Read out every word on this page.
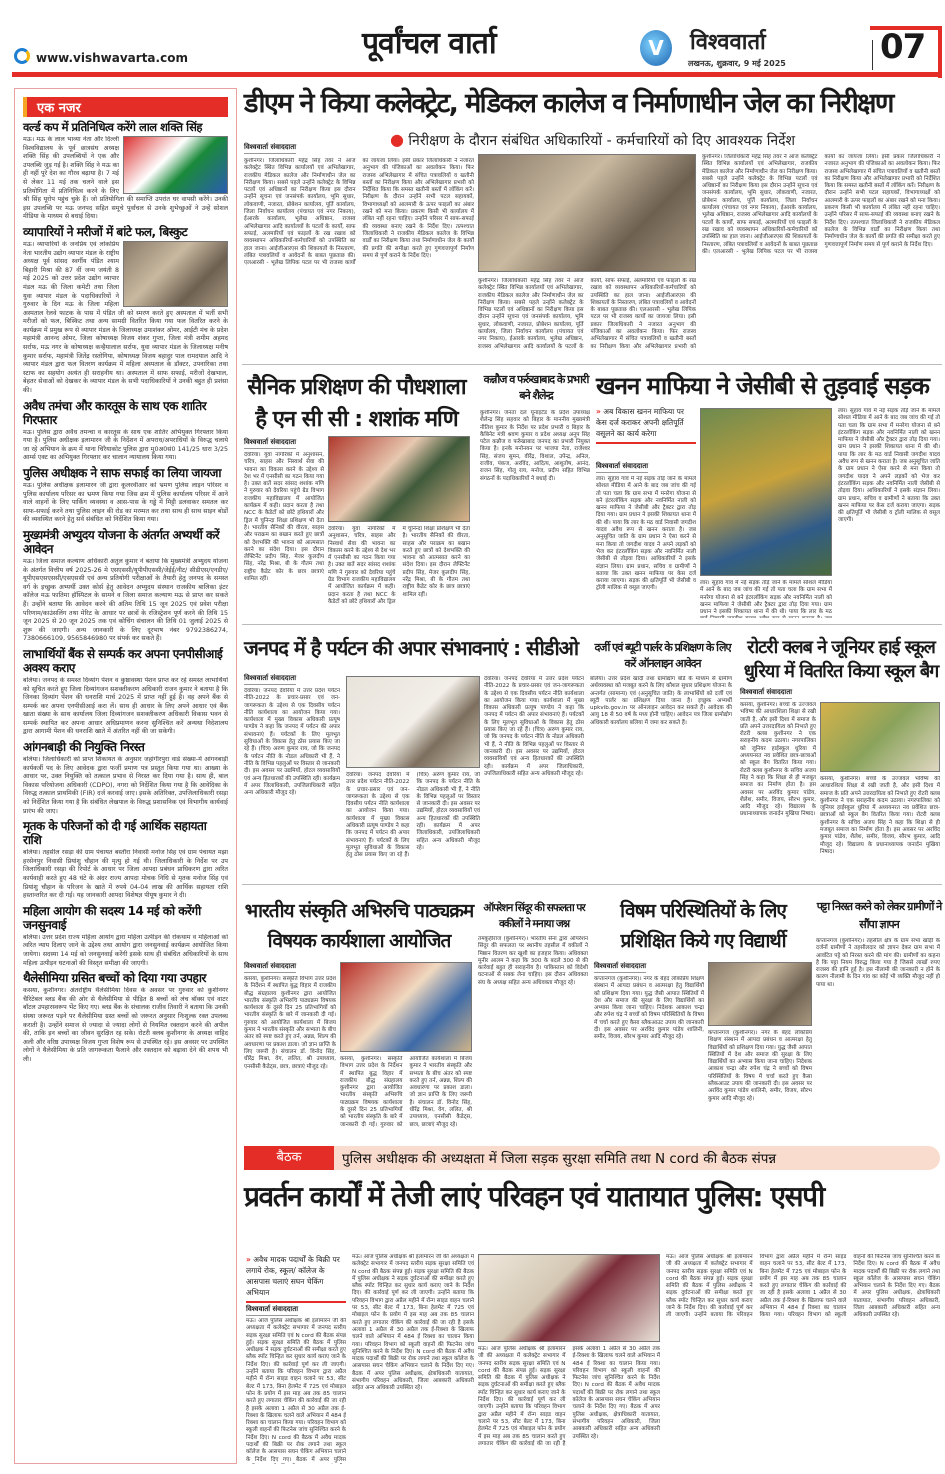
www.vishwavarta.com	पूर्वांचल वार्ता	V	विश्ववार्ता
लखनऊ, शुक्रवार, 9 मई 2025	07
एक नजर
वर्ल्ड कप में प्रतिनिधित्व करेंगे लाल शक्ति सिंह
मऊ। मऊ के लाल भाव्या नेता और दिल्ली विश्वविद्यालय के पूर्व छात्रसंघ अध्यक्ष शक्ति सिंह की उपलब्धियों ने एक और उपलब्धि जुड़ गई है। शक्ति सिंह ने मऊ का ही नहीं पूरे देश का गौरव बढ़ाया है। 7 मई से लेकर 11 मई तक चलने वाले इस प्रतियोगिता में प्रतिनिधित्व करने के लिए श्री सिंह यूरोप पहुंच चुके हैं। जो प्रतियोगिता की समाप्ति उपरांत घर वापसी करेंगे। उनकी इस उपलब्धि पर मऊ जनपद सहित समूचे पूर्वांचल से उनके शुभेच्छुओं ने उन्हें सोशल मीडिया के माध्यम से बधाई दिया।
व्यापारियों ने मरीजों में बांटे फल, बिस्कुट
मऊ। व्यापारियों के जनप्रिय एवं लोकप्रिय नेता भारतीय उद्योग व्यापार मंडल के राष्ट्रीय अध्यक्ष पूर्व सांसद स्वर्गीय पंडित श्याम बिहारी मिश्रा की 87 वीं जन्म जयंती 8 मई 2025 को उत्तर प्रदेश उद्योग व्यापार मंडल मऊ की जिला कमेटी तथा जिला युवा व्यापार मंडल के पदाधिकारियों ने गुरुवार के दिन मऊ के जिला महिला अस्पताल रेलवे फाटक के पास में पंडित जी को स्मरण करते हुए अस्पताल में भर्ती सभी मरीजों को फल, बिस्किट तथा अन्य सामग्री वितरित किया गया फल वितरित करने के कार्यक्रम में प्रमुख रूप से व्यापार मंडल के जिलाध्यक्ष उमाशंकर ओमर, आईटी मंच के प्रदेश महामंत्री आनन्द ओमर, जिला कोषाध्यक्ष विजय शंकर गुप्ता, जिला मंत्री शमीम अहमद सर्राफ, मऊ नगर के कोषाध्यक्ष कन्हैयालाल सर्राफ, युवा व्यापार मंडल के जिलाध्यक्ष मनीष कुमार सर्राफ, महामंत्री जितेंद्र रस्तोगिया, कोषाध्यक्ष विजय बहादुर पाल रामदयाल आदि ने व्यापार मंडल द्वारा फल वितरण कार्यक्रम में महिला अस्पताल के डॉक्टर, उपनारिका तथा स्टाफ का सहयोग अत्यंत ही सराहनीय था। अस्पताल में साफ सफाई, मरीजों देखभाल, बेहतर सेवाओं को देखकर के व्यापार मंडल के सभी पदाधिकारियों ने उनकी बहुत ही प्रशंसा की।
अवैध तमंचा और कारतूस के साथ एक शातिर गिरफ्तार
मऊ। पुलिस द्वारा अवैध तमन्चा व कारतूस के साथ एक शातिर अभियुक्त गिरफ्तार किया गया है। पुलिस अधीक्षक इलामारन जी के निर्देशन में अपराध/अपराधियों के विरुद्ध चलाये जा रहे अभियान के क्रम में थाना चिरैयाकोट पुलिस द्वारा मु0अ0सं0 141/25 धारा 3/25 आर्म्स एक्ट का अभियुक्त गिरफ्तार कर चालान न्यायालय किया गया।
पुलिस अधीक्षक ने साफ सफाई का लिया जायजा
मऊ। पुलिस अधीक्षक इलामारन जी द्वारा कूलरवीआर को भ्रमण पुलिस लाइन परिसर व पुलिस कार्यालय परिसर का भ्रमण किया गया जिस क्रम में पुलिस कार्यालय परिसर में आने वाले वाहनों के लिए पार्किंग व्यवस्था व आस-पास के गड्ढे में मिट्टी डलवाकर समतल कर साफ-सफाई करने तथा पुलिस लाइन की रोड का मरम्मत कर तथा साथ ही साथ साइन बोर्डों की व्यवस्थित करने हेतु सर्व संबंधित को निर्देशित किया गया।
मुख्यमंत्री अभ्युदय योजना के अंतर्गत अभ्यर्थी करें आवेदन
मऊ। जिला समाज कल्याण अधिकारी अतुल कुमार ने बताया कि मुख्यमंत्री अभ्युदय योजना के अंतर्गत वित्तीय वर्ष 2025-26 मे एसएससी/यूपीपीएससी/जेईई/नीट/ सीडीएस/एनडीए/यूपीएसएसएससी/एसएससी एवं अन्य प्रतियोगी परीक्षाओं के तैयारी हेतु जनपद के समस्त वर्ग के इच्छुक अभ्यर्थी उक्त कोर्स हेतु आवेदन अभ्युदय संस्थान राजकीय बालिका इंटर कॉलेज मऊ फातिमा हॉस्पिटल के सामने व जिला समाज कल्याण मऊ से प्राप्त कर सकते हैं। उन्होंने बताया कि आवेदन करने की अंतिम तिथि 15 जून 2025 एवं प्रवेश परीक्षा परिणाम/काउंसलिंग तथा मेरिट के आधार पर छात्रों के रजिस्ट्रेशन पूर्ण करने की तिथि 15 जून 2025 से 20 जून 2025 तक एवं कोचिंग संचालन की तिथि 01 जुलाई 2025 से शुरू की जाएगी। अन्य जानकारी के लिए दूरभाष नंबर 9792386274, 7380666109, 9565846980 पर संपर्क कर सकते हैं।
लाभार्थियों बैंक से सम्पर्क कर अपना एनपीसीआई अवश्य कराए
बलिया। जनपद के समस्त दिव्यांग पेंशन व कुष्ठावस्था पेंशन प्राप्त कर रहे समस्त लाभार्थियों को सूचित करते हुए जिला दिव्यांगजन सशक्तीकरण अधिकारी राजन कुमार ने बताया है कि जिनका दिव्यांग पेंशन की धनराशि मार्च 2025 में प्राप्त नहीं हुई है। वह अपने बैंक से सम्पर्क कर अपना एनपीसीआई करा लें। साथ ही आधार के लिए अपने आधार एवं बैंक खाता संख्या के साथ कार्यालय जिला दिव्यांगजन सशक्तीकरण अधिकारी विकास भवन से सम्पर्क स्थापित कर अपना आधार अधिप्रमाणन करना सुनिश्चित करें अन्यथा निदेशालय द्वारा आगामी पेंशन की धनराशि खाते में अंतरित नहीं की जा सकेगी।
आंगनबाड़ी की नियुक्ति निरस्त
बलिया। जिलाधिकारी को प्राप्त शिकायत के अनुसार जहांगीरपुरा वार्ड संख्या-में आंगनबाड़ी कार्यकर्त्री पद के लिए आवेदक द्वारा फर्जी प्रमाण पत्र प्रस्तुत किया गया था। आख्या के आधार पर, उक्त नियुक्ति को तत्काल प्रभाव से निरस्त कर दिया गया है। साथ ही, बाल विकास परियोजना अधिकारी (CDPO), नगरा को निर्देशित किया गया है कि आवेदिका के विरुद्ध तत्काल प्राथमिकी (FIR) दर्ज करवाई जाए। इसके अतिरिक्त, उपजिलाधिकारी रसड़ा को निर्देशित किया गया है कि संबंधित लेखपाल के विरुद्ध प्रशासनिक एवं विभागीय कार्यवाई प्रारंभ की जाए।
मृतक के परिजनों को दी गई आर्थिक सहायता राशि
बलिया। तहसील रसड़ा की ग्राम पंचायत बस्तौरा निवासी मनोज सिंह एवं ग्राम पंचायत मझा हरसेनपुर निवासी प्रियांशु चौहान की मृत्यु हो गई थी। जिलाधिकारी के निर्देश पर उप जिलाधिकारी रसड़ा की रिपोर्ट के आधार पर जिला आपदा प्रबंधन प्राधिकरण द्वारा त्वरित कार्यवाही करते हुए 48 घंटे के अंदर राज्य आपदा मोचक निधि से मृतक मनोज सिंह एवं प्रियांशु चौहान के परिजन के खाते में रुपये 04-04 लाख की आर्थिक सहायता राशि हस्तान्तरित कर दी गई। यह जानकारी आपदा विशेषज्ञ पीयूष कुमार ने दी।
महिला आयोग की सदस्य 14 मई को करेंगी जनसुनवाई
बलिया। उत्तर प्रदेश राज्य महिला आयोग द्वारा महिला उत्पीड़न की रोकथाम व महिलाओं को त्वरित न्याय दिलाए जाने के उद्देश्य तथा आयोग द्वारा जनसुनवाई कार्यक्रम आयोजित किया जायेगा। सदस्या 14 मई को जनसुनवाई करेंगी इसके साथ ही संबंधित अधिकारियों के साथ महिला उत्पीड़न घटनाओं की विस्तृत समीक्षा की जाएगी।
थैलेसीमिया ग्रसित बच्चों को दिया गया उपहार
कसया, कुशीनगर। अंतर्राष्ट्रीय थैलेसीमिया दिवस के अवसर पर गुरुवार को कुशीनगर चैरिटेबल ब्लड बैंक की ओर से थैलेसीमिया से पीड़ित 8 बच्चों को लंच बॉक्स एवं वाटर बॉटल उपहारस्वरूप भेंट किए गए। ब्लड बैंक के संचालक राजीव तिवारी ने बताया कि उनकी संस्था जरूरत पड़ने पर थैलेसीमिया ग्रस्त बच्चों को जरूरत अनुसार निःशुल्क रक्त उपलब्ध कराती है। उन्होंने समाज से ज्यादा से ज्यादा लोगों से नियमित रक्तदान करने की अपील की, ताकि इन बच्चों का जीवन सुरक्षित रह सके। रोटरी क्लब कुशीनगर के अध्यक्ष वाहिद अली और वरिष्ठ उपाध्यक्ष विजय गुप्ता विशेष रूप से उपस्थित रहे। इस अवसर पर उपस्थित लोगों ने थैलेसीमिया के प्रति जागरूकता फैलाने और रक्तदान को बढ़ावा देने की शपथ भी ली।
डीएम ने किया कलेक्ट्रेट, मेडिकल कालेज व निर्माणाधीन जेल का निरीक्षण
● निरीक्षण के दौरान संबंधित अधिकारियों - कर्मचारियों को दिए आवश्यक निर्देश
विश्ववार्ता संवाददाता
कुशीनगर। जिलाधिकारी महेंद्र सिंह तंवर ने आज कलेक्ट्रेट स्थित विभिन्न कार्यालयों एवं अभिलेखागार, राजकीय मेडिकल कालेज और निर्माणाधीन जेल का निरीक्षण किया। सबसे पहले उन्होंने कलेक्ट्रेट के विभिन्न पटलों एवं अधिष्ठानों का निरीक्षण किया इस दौरान उन्होंने सूचना एवं जनसंपर्क कार्यालय, भूमि सुधार, लोकवाणी, नजारत, प्रोबेशन कार्यालय, पूर्ति कार्यालय, जिला निर्वाचन कार्यालय (पंचायत एवं नगर निकाय), ईआरके कार्यालय, भूलेख अधिष्ठान, राजस्व अभिलेखागार आदि कार्यालयों के पटलों के कार्यों, साफ सफाई, अलमारियों एवं फाइलों के रख रखाव को व्यवस्थापन अधिकारियों-कर्मचारियों को उपस्थिति का हाल जाना। आईजीआरएस की शिकायतों के निस्तारण, लंबित पत्रावलियों व आवेदनों के बाबत पूछताछ की। एलआरसी - भूलेख लिपिक पटल पर भी राजस्व कार्यों का जायजा लिया। इसी प्रकार जिलाधिकारी ने नजारत अनुभाग की पंजिकाओं का अवलोकन किया। फिर राजस्व अभिलेखागार में संचित पत्रावलियों व खतौनी बस्तों का निरीक्षण किया और अभिलेखागार प्रभारी को निर्देशित किया कि समस्त खतौनी बस्तों में लॉकिंग करें। निरीक्षण के दौरान उन्होंने सभी पटल सहायकों, विभागाध्यक्षों को आलमारी के ऊपर फाइलों का अंबार रखने को मना किया। प्रकरण किसी भी कार्यालय में लंबित नहीं रहना चाहिए। उन्होंने परिसर में साफ-सफाई की व्यवस्था बनाए रखने के निर्देश दिए। तत्पश्चात जिलाधिकारी ने राजकीय मेडिकल कालेज के विभिन्न वार्डों का निरीक्षण किया तथा निर्माणाधीन जेल के कार्यों की प्रगति की समीक्षा करते हुए गुणवत्तापूर्ण निर्माण समय से पूर्ण कराने के निर्देश दिए।
कुशीनगर। जिलाधिकारी महेंद्र सिंह तंवर ने आज कलेक्ट्रेट स्थित विभिन्न कार्यालयों एवं अभिलेखागार, राजकीय मेडिकल कालेज और निर्माणाधीन जेल का निरीक्षण किया। सबसे पहले उन्होंने कलेक्ट्रेट के विभिन्न पटलों एवं अधिष्ठानों का निरीक्षण किया इस दौरान उन्होंने सूचना एवं जनसंपर्क कार्यालय, भूमि सुधार, लोकवाणी, नजारत, प्रोबेशन कार्यालय, पूर्ति कार्यालय, जिला निर्वाचन कार्यालय (पंचायत एवं नगर निकाय), ईआरके कार्यालय, भूलेख अधिष्ठान, राजस्व अभिलेखागार आदि कार्यालयों के पटलों के कार्यों, साफ सफाई, अलमारियों एवं फाइलों के रख रखाव को व्यवस्थापन अधिकारियों-कर्मचारियों को उपस्थिति का हाल जाना। आईजीआरएस की शिकायतों के निस्तारण, लंबित पत्रावलियों व आवेदनों के बाबत पूछताछ की। एलआरसी - भूलेख लिपिक पटल पर भी राजस्व कार्यों का जायजा लिया। इसी प्रकार जिलाधिकारी ने नजारत अनुभाग की पंजिकाओं का अवलोकन किया। फिर राजस्व अभिलेखागार में संचित पत्रावलियों व खतौनी बस्तों का निरीक्षण किया और अभिलेखागार प्रभारी को
कुशीनगर। जिलाधिकारी महेंद्र सिंह तंवर ने आज कलेक्ट्रेट स्थित विभिन्न कार्यालयों एवं अभिलेखागार, राजकीय मेडिकल कालेज और निर्माणाधीन जेल का निरीक्षण किया। सबसे पहले उन्होंने कलेक्ट्रेट के विभिन्न पटलों एवं अधिष्ठानों का निरीक्षण किया इस दौरान उन्होंने सूचना एवं जनसंपर्क कार्यालय, भूमि सुधार, लोकवाणी, नजारत, प्रोबेशन कार्यालय, पूर्ति कार्यालय, जिला निर्वाचन कार्यालय (पंचायत एवं नगर निकाय), ईआरके कार्यालय, भूलेख अधिष्ठान, राजस्व अभिलेखागार आदि कार्यालयों के पटलों के कार्यों, साफ सफाई, अलमारियों एवं फाइलों के रख रखाव को व्यवस्थापन अधिकारियों-कर्मचारियों को उपस्थिति का हाल जाना। आईजीआरएस की शिकायतों के निस्तारण, लंबित पत्रावलियों व आवेदनों के बाबत पूछताछ की। एलआरसी - भूलेख लिपिक पटल पर भी राजस्व कार्यों का जायजा लिया। इसी प्रकार जिलाधिकारी ने नजारत अनुभाग की पंजिकाओं का अवलोकन किया। फिर राजस्व अभिलेखागार में संचित पत्रावलियों व खतौनी बस्तों का निरीक्षण किया और अभिलेखागार प्रभारी को निर्देशित किया कि समस्त खतौनी बस्तों में लॉकिंग करें। निरीक्षण के दौरान उन्होंने सभी पटल सहायकों, विभागाध्यक्षों को आलमारी के ऊपर फाइलों का अंबार रखने को मना किया। प्रकरण किसी भी कार्यालय में लंबित नहीं रहना चाहिए। उन्होंने परिसर में साफ-सफाई की व्यवस्था बनाए रखने के निर्देश दिए। तत्पश्चात जिलाधिकारी ने राजकीय मेडिकल कालेज के विभिन्न वार्डों का निरीक्षण किया तथा निर्माणाधीन जेल के कार्यों की प्रगति की समीक्षा करते हुए गुणवत्तापूर्ण निर्माण समय से पूर्ण कराने के निर्देश दिए।
सैनिक प्रशिक्षण की पौधशाला है एन सी सी : शशांक मणि
विश्ववार्ता संवाददाता
देवरिया। युवा नागरिकों में अनुशासन, चरित्र, साहस और निस्वार्थ सेवा की भावना का विकास करने के उद्देश्य से देश भर में एनसीसी का गठन किया गया है। उक्त बातें सदर सांसद शशांक मणि ने गुरुवार को देवरिया पहुंचे ग्रेड विभाग राजकीय महाविद्यालय में आयोजित कार्यक्रम में कही। प्रदान करता है तथा NCC के कैडेटों को छोटे हथियारों और ड्रिल में चुनिन्दा शिक्षा प्रशिक्षण भी देता है। भारतीय सैनिकों की वीरता, साहस और पराक्रम का बखान करते हुए छात्रों को देशभक्ति की भावना को आत्मसात करने का संदेश दिया। इस दौरान लेफ्टिनेंट प्रदीप सिंह, मेजर कुलदीप सिंह, नरेंद्र मिश्रा, बी के गौतम तथा राष्ट्रीय कैडेट कोर के छात्र छात्राएं शामिल रहीं।
देवरिया। युवा नागरिकों में अनुशासन, चरित्र, साहस और निस्वार्थ सेवा की भावना का विकास करने के उद्देश्य से देश भर में एनसीसी का गठन किया गया है। उक्त बातें सदर सांसद शशांक मणि ने गुरुवार को देवरिया पहुंचे ग्रेड विभाग राजकीय महाविद्यालय में आयोजित कार्यक्रम में कही। प्रदान करता है तथा NCC के कैडेटों को छोटे हथियारों और ड्रिल में चुनिन्दा शिक्षा प्रशिक्षण भी देता है। भारतीय सैनिकों की वीरता, साहस और पराक्रम का बखान करते हुए छात्रों को देशभक्ति की भावना को आत्मसात करने का संदेश दिया। इस दौरान लेफ्टिनेंट प्रदीप सिंह, मेजर कुलदीप सिंह, नरेंद्र मिश्रा, बी के गौतम तथा राष्ट्रीय कैडेट कोर के छात्र छात्राएं शामिल रहीं।
कन्नौज व फर्रुखाबाद के प्रभारी बने शैलेन्द्र
कुशीनगर। जनता दल यूनाइटेड के प्रदेश उपाध्यक्ष शैलेन्द्र सिंह सहवार को बिहार के माननीय मुख्यमंत्री नीतिश कुमार के निर्देश पर प्रदेश प्रभारी व बिहार के कैबिनेट मंत्री श्रवण कुमार व प्रदेश अध्यक्ष अनूप सिंह पटेल कन्नौज व फर्रुखाबाद जनपद का प्रभारी नियुक्त किया है। इनके मनोनयन पर भाजपा नेता, राजेश्वर सिंह, संजय सुमन, वीरेंद्र, विशाल, उपेन्द्र, अनिल, राजीव, पंकज, अरविंद, आदित्य, आशुतोष, आनंद, राजन सिंह, गोलू राय, मनोज, प्रदीप सहित विभिन्न संगठनों के पदाधिकारियों ने बधाई दी।
खनन माफिया ने जेसीबी से तुड़वाई सड़क
» अब विकास खनन माफिया पर केस दर्ज कराकर अपनी क्षतिपूर्ति वसूलने का कार्य करेगा
विश्ववार्ता संवाददाता
लार। सुहाव गांव में नई सड़क तोड़े जाने के मामले सोशल मीडिया में आने के बाद जब जांच की गई तो पता चला कि ग्राम सभा में मनरेगा योजना से बने इंटरलॉकिंग सड़क और नवनिर्मित नाली को खनन माफिया ने जेसीबी और ट्रैक्टर द्वारा तोड़ दिया गया। ग्राम प्रधान ने इसकी शिकायत थाना में की थी। पाया कि लार के मठ वार्ड निवासी जगदीश यादव अवैध रूप से खनन कराता है। जब अनुसूचित जाति के ग्राम प्रधान ने ऐसा करने से मना किया तो जगदीश यादव ने अपने लड़कों को भेज कर इंटरलॉकिंग सड़क और नवनिर्मित नाली जेसीबी से तोड़वा दिया। आधिकारियों ने इसके संज्ञान लिया। ग्राम प्रधान, सचिव व ग्रामीणों ने बताया कि उक्त खनन माफिया पर केस दर्ज कराया जाएगा। सड़क की क्षतिपूर्ति भी जेसीबी व ट्रॉली मालिक से वसूल जाएगी।
लार। सुहाव गांव में नई सड़क तोड़े जाने के मामले सोशल मीडिया में आने के बाद जब जांच की गई तो पता चला कि ग्राम सभा में मनरेगा योजना से बने इंटरलॉकिंग सड़क और नवनिर्मित नाली को खनन माफिया ने जेसीबी और ट्रैक्टर द्वारा तोड़ दिया गया। ग्राम प्रधान ने इसकी शिकायत थाना में की थी। पाया कि लार के मठ
लार। सुहाव गांव में नई सड़क तोड़े जाने के मामले सोशल मीडिया में आने के बाद जब जांच की गई तो पता चला कि ग्राम सभा में मनरेगा योजना से बने इंटरलॉकिंग सड़क और नवनिर्मित नाली को खनन माफिया ने जेसीबी और ट्रैक्टर द्वारा तोड़ दिया गया। ग्राम प्रधान ने इसकी शिकायत थाना में की थी। पाया कि लार के मठ वार्ड निवासी जगदीश यादव अवैध रूप से खनन कराता है। जब अनुसूचित जाति के ग्राम प्रधान ने ऐसा करने से मना किया तो जगदीश यादव ने अपने लड़कों को भेज कर इंटरलॉकिंग सड़क और नवनिर्मित नाली जेसीबी से तोड़वा दिया। आधिकारियों ने इसके संज्ञान लिया। ग्राम प्रधान, सचिव व ग्रामीणों ने बताया कि उक्त खनन माफिया पर केस दर्ज कराया जाएगा। सड़क की क्षतिपूर्ति भी जेसीबी व ट्रॉली मालिक से वसूल जाएगी।
जनपद में है पर्यटन की अपार संभावनाएं : सीडीओ
विश्ववार्ता संवाददाता
देवरिया। जनपद देवरिया में उत्तर प्रदेश पर्यटन नीति-2022 के प्रचार-प्रसार एवं जन-जागरूकता के उद्देश्य से एक दिवसीय पर्यटन नीति कार्यशाला का आयोजन किया गया। कार्यशाला में मुख्य विकास अधिकारी प्रत्यूष पाण्डेय ने कहा कि जनपद में पर्यटन की अपार संभावनाएं हैं। पर्यटकों के लिए मूलभूत सुविधाओं के विकास हेतु ठोस प्रयास किए जा रहे हैं। (चित्र) अरुण कुमार राय, जो कि जनपद के पर्यटन नीति के नोडल अधिकारी भी हैं, ने नीति के विभिन्न पहलुओं पर विस्तार से जानकारी दी। इस अवसर पर उद्यमियों, होटल व्यवसायियों एवं अन्य हितधारकों की उपस्थिति रही। कार्यक्रम में अपर जिलाधिकारी, उपजिलाधिकारी सहित अन्य अधिकारी मौजूद रहे।
देवरिया। जनपद देवरिया में उत्तर प्रदेश पर्यटन नीति-2022 के प्रचार-प्रसार एवं जन-जागरूकता के उद्देश्य से एक दिवसीय पर्यटन नीति कार्यशाला का आयोजन किया गया। कार्यशाला में मुख्य विकास अधिकारी प्रत्यूष पाण्डेय ने कहा कि जनपद में पर्यटन की अपार संभावनाएं हैं। पर्यटकों के लिए मूलभूत सुविधाओं के विकास हेतु ठोस प्रयास किए जा रहे हैं। (चित्र) अरुण कुमार राय, जो कि जनपद के पर्यटन नीति के नोडल अधिकारी भी हैं, ने नीति के विभिन्न पहलुओं पर विस्तार से जानकारी दी। इस अवसर पर उद्यमियों, होटल व्यवसायियों एवं अन्य हितधारकों की उपस्थिति रही। कार्यक्रम में अपर जिलाधिकारी, उपजिलाधिकारी सहित अन्य अधिकारी मौजूद रहे।
देवरिया। जनपद देवरिया में उत्तर प्रदेश पर्यटन नीति-2022 के प्रचार-प्रसार एवं जन-जागरूकता के उद्देश्य से एक दिवसीय पर्यटन नीति कार्यशाला का आयोजन किया गया। कार्यशाला में मुख्य विकास अधिकारी प्रत्यूष पाण्डेय ने कहा कि जनपद में पर्यटन की अपार संभावनाएं हैं। पर्यटकों के लिए मूलभूत सुविधाओं के विकास हेतु ठोस प्रयास किए जा रहे हैं। (चित्र) अरुण कुमार राय, जो कि जनपद के पर्यटन नीति के नोडल अधिकारी भी हैं, ने नीति के विभिन्न पहलुओं पर विस्तार से जानकारी दी। इस अवसर पर उद्यमियों, होटल व्यवसायियों एवं अन्य हितधारकों की उपस्थिति रही। कार्यक्रम में अपर जिलाधिकारी, उपजिलाधिकारी सहित अन्य अधिकारी मौजूद रहे।
दर्जी एवं ब्यूटी पार्लर के प्रशिक्षण के लिए करें ऑनलाइन आवेदन
बलिया। उत्तर प्रदेश खादी तथा ग्रामोद्योग बोर्ड के माध्यम से ग्रामीण अर्थव्यवस्था को मजबूत करने के लिए कौशल सुधार प्रशिक्षण योजना के अन्तर्गत (सामान्य) एवं (अनुसूचित जाति) के लाभार्थियों को दर्जी एवं ब्यूटी पार्लर का प्रशिक्षण दिया जाना है। इच्छुक अभ्यर्थी upkvib.gov.in पर ऑनलाइन आवेदन कर सकते हैं। आवेदक की आयु 18 से 50 वर्ष के मध्य होनी चाहिए। आवेदन पत्र जिला ग्रामोद्योग अधिकारी कार्यालय बलिया में जमा कर सकते हैं।
रोटरी क्लब ने जूनियर हाई स्कूल धुरिया में वितरित किया स्कूल बैग
विश्ववार्ता संवाददाता
कसया, कुशीनगर। बच्चों के उज्जवल भविष्य की आधारशिला शिक्षा से रखी जाती है, और इसी दिशा में समाज के प्रति अपने उत्तरदायित्व को निभाते हुए रोटरी क्लब कुशीनगर ने एक सराहनीय कदम उठाया। नगरपालिका को जूनियर हाईस्कूल धुरिया में अध्ययनरत नव प्रवेशित छात्र-छात्राओं को स्कूल बैग वितरित किया गया। रोटरी क्लब कुशीनगर के सचिव अजय सिंह ने कहा कि शिक्षा से ही मजबूत समाज का निर्माण होता है। इस अवसर पर अरविंद कुमार पांडेय, शैलेश, समीर, विजय, सौरभ कुमार, आदि मौजूद रहे। विद्यालय के प्रधानाध्यापक जनार्दन मुखिया निषाद।
कसया, कुशीनगर। बच्चों के उज्जवल भविष्य की आधारशिला शिक्षा से रखी जाती है, और इसी दिशा में समाज के प्रति अपने उत्तरदायित्व को निभाते हुए रोटरी क्लब कुशीनगर ने एक सराहनीय कदम उठाया। नगरपालिका को जूनियर हाईस्कूल धुरिया में अध्ययनरत नव प्रवेशित छात्र-छात्राओं को स्कूल बैग वितरित किया गया। रोटरी क्लब कुशीनगर के सचिव अजय सिंह ने कहा कि शिक्षा से ही मजबूत समाज का निर्माण होता है। इस अवसर पर अरविंद कुमार पांडेय, शैलेश, समीर, विजय, सौरभ कुमार, आदि मौजूद रहे। विद्यालय के प्रधानाध्यापक जनार्दन मुखिया निषाद।
भारतीय संस्कृति अभिरुचि पाठ्यक्रम विषयक कार्यशाला आयोजित
विश्ववार्ता संवाददाता
कसया, कुशीनगर। संस्कृति विभाग उत्तर प्रदेश के निर्देशन में स्थापित बुद्ध विहार में राजकीय बौद्ध संग्रहालय कुशीनगर द्वारा आयोजित भारतीय संस्कृति अभिरुचि पाठ्यक्रम विषयक कार्यशाला के दूसरे दिन 25 प्रतिभागियों को भारतीय संस्कृति के बारे में जानकारी दी गई। गुरुवार को आयोजित कार्यशाला में बिजय कुमार ने भारतीय संस्कृति और सभ्यता के बीच अंतर को स्पष्ट करते हुए तर्न, अन्नन्न, शिल्प की अवधारणा पर प्रकाश डाला। जो ज्ञान प्राप्ति के लिए जरूरी है। संचालन डॉ. विनोद सिंह, धीरेंद्र मिश्रा, वेग, ललित, श्री उपाध्याय, एनसीसी कैडेट्स, छात्र, छात्राएं मौजूद रहे।
कसया, कुशीनगर। संस्कृति विभाग उत्तर प्रदेश के निर्देशन में स्थापित बुद्ध विहार में राजकीय बौद्ध संग्रहालय कुशीनगर द्वारा आयोजित भारतीय संस्कृति अभिरुचि पाठ्यक्रम विषयक कार्यशाला के दूसरे दिन 25 प्रतिभागियों को भारतीय संस्कृति के बारे में जानकारी दी गई। गुरुवार को आयोजित कार्यशाला में बिजय कुमार ने भारतीय संस्कृति और सभ्यता के बीच अंतर को स्पष्ट करते हुए तर्न, अन्नन्न, शिल्प की अवधारणा पर प्रकाश डाला। जो ज्ञान प्राप्ति के लिए जरूरी है। संचालन डॉ. विनोद सिंह, धीरेंद्र मिश्रा, वेग, ललित, श्री उपाध्याय, एनसीसी कैडेट्स, छात्र, छात्राएं मौजूद रहे।
ऑपरेशन सिंदूर की सफलता पर वकीलों ने मनाया जश्न
तमकुहीराज (कुशीनगर)। भारतीय सेना द्वारा ऑपरेशन सिंदूर की सफलता पर स्थानीय तहसील में वकीलों ने मिष्ठान वितरण कर खुशी का इजहार किया। अधिवक्ता मुनीर आलम ने कहा कि 300 के बदले 300 से की कार्रवाई बहुत ही सराहनीय है। पाकिस्तान को विदेशी घटनाओं से सबक लेना चाहिए। इस दौरान अधिवक्ता संघ के अध्यक्ष सहित अन्य अधिवक्ता मौजूद रहे।
विषम परिस्थितियों के लिए प्रशिक्षित किये गए विद्यार्थी
विश्ववार्ता संवाददाता
कप्तानगंज (कुशीनगर)। नगर के बेहद लोकप्रिय शिक्षण संस्थान में आपदा प्रबंधन व आत्मरक्षा हेतु विद्यार्थियों को प्रशिक्षण दिया गया। युद्ध जैसी आपात स्थितियों में देश और समाज की सुरक्षा के लिए विद्यार्थियों का अभ्यास किया जाना चाहिए। निदेशक आकाश चन्द्रा और रुपेश चंद्र ने बच्चों को विषम परिस्थितियों के विषय में चर्चा करते हुए कैसा ब्लैकआउट उपाय की जानकारी दी। इस अवसर पर अरविंद कुमार पांडेय शालिनी, समीर, विजय, सौरभ कुमार आदि मौजूद रहे।
कप्तानगंज (कुशीनगर)। नगर के बेहद लोकप्रिय शिक्षण संस्थान में आपदा प्रबंधन व आत्मरक्षा हेतु विद्यार्थियों को प्रशिक्षण दिया गया। युद्ध जैसी आपात स्थितियों में देश और समाज की सुरक्षा के लिए विद्यार्थियों का अभ्यास किया जाना चाहिए। निदेशक आकाश चन्द्रा और रुपेश चंद्र ने बच्चों को विषम परिस्थितियों के विषय में चर्चा करते हुए कैसा ब्लैकआउट उपाय की जानकारी दी। इस अवसर पर अरविंद कुमार पांडेय शालिनी, समीर, विजय, सौरभ कुमार आदि मौजूद रहे।
पट्टा निरस्त करने को लेकर ग्रामीणों ने सौंपा ज्ञापन
कप्तानगंज (कुशीनगर)। तहसील क्षेत्र के ग्राम सभा खोड़ी के दर्जनों ग्रामीणों ने तहसीलदार को ज्ञापन देकर ग्राम सभा में आवंटित पट्टे को निरस्त करने की मांग की। ग्रामीणों का कहना है कि पट्टा नियम विरुद्ध किया गया है जिससे लाखों रुपए राजस्व की हानि हुई है। इस नीलामी की जानकारी न होने के कारण नीलामी के दिन गांव का कोई भी व्यक्ति मौजूद नहीं हो पाया था।
बैठक	पुलिस अधीक्षक की अध्यक्षता में जिला सड़क सुरक्षा समिति तथा N cord की बैठक संपन्न
प्रवर्तन कार्यों में तेजी लाएं परिवहन एवं यातायात पुलिस: एसपी
» अवैध मादक पदार्थों के बिक्री पर लगाये रोक, स्कूल/ कॉलेज के आसपास चलाएं सघन चेकिंग अभियान
विश्ववार्ता संवाददाता
मऊ। आज पुलिस अधीक्षक श्री इलामारन जी की अध्यक्षता में कलेक्ट्रेट सभागार में जनपद स्तरीय सड़क सुरक्षा समिति एवं N cord की बैठक संपन्न हुई। सड़क सुरक्षा समिति की बैठक में पुलिस अधीक्षक ने सड़क दुर्घटनाओं की समीक्षा करते हुए ब्लैक स्पॉट चिन्हित कर सुधार कार्य कराए जाने के निर्देश दिए। की कार्रवाई पूर्ण कर ली जाएगी। उन्होंने बताया कि परिवहन विभाग द्वारा अप्रैल महीने में रॉन्ग साइड वाहन चलाने पर 53, सीट बेल्ट में 173, बिना हेलमेट में 725 एवं मोबाइल फोन के प्रयोग में इस माह अब तक 85 चालान करते हुए लगातार चेकिंग की कार्रवाई की जा रही है इसके अलावा 1 अप्रैल से 30 अप्रैल तक ई-रिक्शा के खिलाफ चलने वाले अभियान में 484 ई रिक्शा का चालान किया गया। परिवहन विभाग को स्कूली वाहनों की फिटनेस जांच सुनिश्चित करने के निर्देश दिए। N cord की बैठक में अवैध मादक पदार्थों की बिक्री पर रोक लगाने तथा स्कूल कॉलेज के आसपास सघन चेकिंग अभियान चलाने के निर्देश दिए गए। बैठक में अपर पुलिस
मऊ। आज पुलिस अधीक्षक श्री इलामारन जी की अध्यक्षता में कलेक्ट्रेट सभागार में जनपद स्तरीय सड़क सुरक्षा समिति एवं N cord की बैठक संपन्न हुई। सड़क सुरक्षा समिति की बैठक में पुलिस अधीक्षक ने सड़क दुर्घटनाओं की समीक्षा करते हुए ब्लैक स्पॉट चिन्हित कर सुधार कार्य कराए जाने के निर्देश दिए। की कार्रवाई पूर्ण कर ली जाएगी। उन्होंने बताया कि परिवहन विभाग द्वारा अप्रैल महीने में रॉन्ग साइड वाहन चलाने पर 53, सीट बेल्ट में 173, बिना हेलमेट में 725 एवं मोबाइल फोन के प्रयोग में इस माह अब तक 85 चालान करते हुए लगातार चेकिंग की कार्रवाई की जा रही है इसके अलावा 1 अप्रैल से 30 अप्रैल तक ई-रिक्शा के खिलाफ चलने वाले अभियान में 484 ई रिक्शा का चालान किया गया। परिवहन विभाग को स्कूली वाहनों की फिटनेस जांच सुनिश्चित करने के निर्देश दिए। N cord की बैठक में अवैध मादक पदार्थों की बिक्री पर रोक लगाने तथा स्कूल कॉलेज के आसपास सघन चेकिंग अभियान चलाने के निर्देश दिए गए। बैठक में अपर पुलिस अधीक्षक, क्षेत्राधिकारी यातायात, संभागीय परिवहन अधिकारी, जिला आबकारी अधिकारी सहित अन्य अधिकारी उपस्थित रहे।
मऊ। आज पुलिस अधीक्षक श्री इलामारन जी की अध्यक्षता में कलेक्ट्रेट सभागार में जनपद स्तरीय सड़क सुरक्षा समिति एवं N cord की बैठक संपन्न हुई। सड़क सुरक्षा समिति की बैठक में पुलिस अधीक्षक ने सड़क दुर्घटनाओं की समीक्षा करते हुए ब्लैक स्पॉट चिन्हित कर सुधार कार्य कराए जाने के निर्देश दिए। की कार्रवाई पूर्ण कर ली जाएगी। उन्होंने बताया कि परिवहन विभाग द्वारा अप्रैल महीने में रॉन्ग साइड वाहन चलाने पर 53, सीट बेल्ट में 173, बिना हेलमेट में 725 एवं मोबाइल फोन के प्रयोग में इस माह अब तक 85 चालान करते हुए लगातार चेकिंग की कार्रवाई की जा रही है इसके अलावा 1 अप्रैल से 30 अप्रैल तक ई-रिक्शा के खिलाफ चलने वाले अभियान में 484 ई रिक्शा का चालान किया गया। परिवहन विभाग को स्कूली वाहनों की फिटनेस जांच सुनिश्चित करने के निर्देश दिए। N cord की बैठक में अवैध मादक पदार्थों की बिक्री पर रोक लगाने तथा स्कूल कॉलेज के आसपास सघन चेकिंग अभियान चलाने के निर्देश दिए गए। बैठक में अपर पुलिस अधीक्षक, क्षेत्राधिकारी यातायात, संभागीय परिवहन अधिकारी, जिला आबकारी अधिकारी सहित अन्य अधिकारी उपस्थित रहे।
मऊ। आज पुलिस अधीक्षक श्री इलामारन जी की अध्यक्षता में कलेक्ट्रेट सभागार में जनपद स्तरीय सड़क सुरक्षा समिति एवं N cord की बैठक संपन्न हुई। सड़क सुरक्षा समिति की बैठक में पुलिस अधीक्षक ने सड़क दुर्घटनाओं की समीक्षा करते हुए ब्लैक स्पॉट चिन्हित कर सुधार कार्य कराए जाने के निर्देश दिए। की कार्रवाई पूर्ण कर ली जाएगी। उन्होंने बताया कि परिवहन विभाग द्वारा अप्रैल महीने में रॉन्ग साइड वाहन चलाने पर 53, सीट बेल्ट में 173, बिना हेलमेट में 725 एवं मोबाइल फोन के प्रयोग में इस माह अब तक 85 चालान करते हुए लगातार चेकिंग की कार्रवाई की जा रही है इसके अलावा 1 अप्रैल से 30 अप्रैल तक ई-रिक्शा के खिलाफ चलने वाले अभियान में 484 ई रिक्शा का चालान किया गया। परिवहन विभाग को स्कूली वाहनों की फिटनेस जांच सुनिश्चित करने के निर्देश दिए। N cord की बैठक में अवैध मादक पदार्थों की बिक्री पर रोक लगाने तथा स्कूल कॉलेज के आसपास सघन चेकिंग अभियान चलाने के निर्देश दिए गए। बैठक में अपर पुलिस अधीक्षक, क्षेत्राधिकारी यातायात, संभागीय परिवहन अधिकारी, जिला आबकारी अधिकारी सहित अन्य अधिकारी उपस्थित रहे।
